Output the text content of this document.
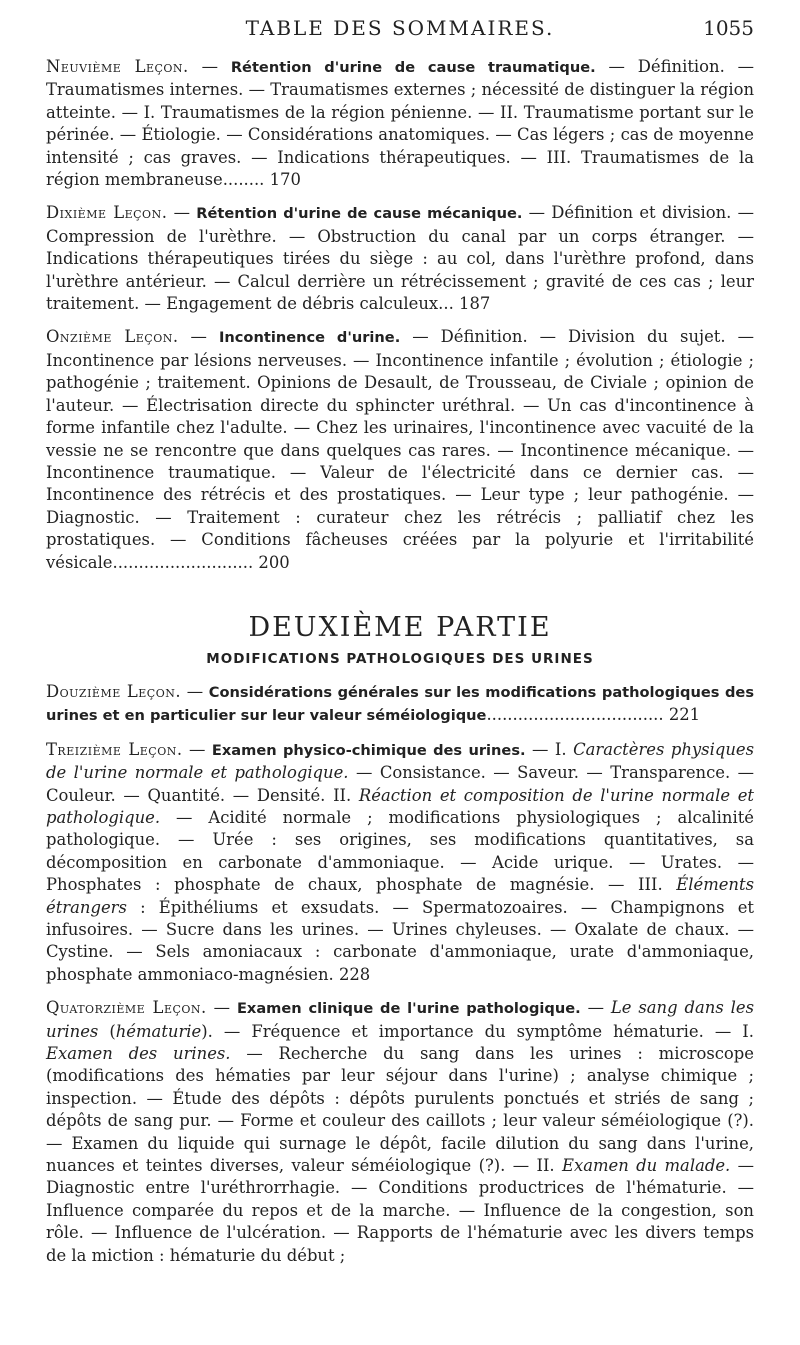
TABLE DES SOMMAIRES.	1055

Neuvième Leçon. — Rétention d'urine de cause traumatique. — Définition. — Traumatismes internes. — Traumatismes externes ; nécessité de distinguer la région atteinte. — I. Traumatismes de la région pénienne. — II. Traumatisme portant sur le périnée. — Étiologie. — Considérations anatomiques. — Cas légers ; cas de moyenne intensité ; cas graves. — Indications thérapeutiques. — III. Traumatismes de la région membraneuse........ 170

Dixième Leçon. — Rétention d'urine de cause mécanique. — Définition et division. — Compression de l'urèthre. — Obstruction du canal par un corps étranger. — Indications thérapeutiques tirées du siège : au col, dans l'urèthre profond, dans l'urèthre antérieur. — Calcul derrière un rétrécissement ; gravité de ces cas ; leur traitement. — Engagement de débris calculeux... 187

Onzième Leçon. — Incontinence d'urine. — Définition. — Division du sujet. — Incontinence par lésions nerveuses. — Incontinence infantile ; évolution ; étiologie ; pathogénie ; traitement. Opinions de Desault, de Trousseau, de Civiale ; opinion de l'auteur. — Électrisation directe du sphincter uréthral. — Un cas d'incontinence à forme infantile chez l'adulte. — Chez les urinaires, l'incontinence avec vacuité de la vessie ne se rencontre que dans quelques cas rares. — Incontinence mécanique. — Incontinence traumatique. — Valeur de l'électricité dans ce dernier cas. — Incontinence des rétrécis et des prostatiques. — Leur type ; leur pathogénie. — Diagnostic. — Traitement : curateur chez les rétrécis ; palliatif chez les prostatiques. — Conditions fâcheuses créées par la polyurie et l'irritabilité vésicale........................... 200

DEUXIÈME PARTIE
MODIFICATIONS PATHOLOGIQUES DES URINES

Douzième Leçon. — Considérations générales sur les modifications pathologiques des urines et en particulier sur leur valeur séméiologique.................................. 221

Treizième Leçon. — Examen physico-chimique des urines. — I. Caractères physiques de l'urine normale et pathologique. — Consistance. — Saveur. — Transparence. — Couleur. — Quantité. — Densité. II. Réaction et composition de l'urine normale et pathologique. — Acidité normale ; modifications physiologiques ; alcalinité pathologique. — Urée : ses origines, ses modifications quantitatives, sa décomposition en carbonate d'ammoniaque. — Acide urique. — Urates. — Phosphates : phosphate de chaux, phosphate de magnésie. — III. Éléments étrangers : Épithéliums et exsudats. — Spermatozoaires. — Champignons et infusoires. — Sucre dans les urines. — Urines chyleuses. — Oxalate de chaux. — Cystine. — Sels amoniacaux : carbonate d'ammoniaque, urate d'ammoniaque, phosphate ammoniaco-magnésien. 228

Quatorzième Leçon. — Examen clinique de l'urine pathologique. — Le sang dans les urines (hématurie). — Fréquence et importance du symptôme hématurie. — I. Examen des urines. — Recherche du sang dans les urines : microscope (modifications des hématies par leur séjour dans l'urine) ; analyse chimique ; inspection. — Étude des dépôts : dépôts purulents ponctués et striés de sang ; dépôts de sang pur. — Forme et couleur des caillots ; leur valeur séméiologique (?). — Examen du liquide qui surnage le dépôt, facile dilution du sang dans l'urine, nuances et teintes diverses, valeur séméiologique (?). — II. Examen du malade. — Diagnostic entre l'uréthrorrhagie. — Conditions productrices de l'hématurie. — Influence comparée du repos et de la marche. — Influence de la congestion, son rôle. — Influence de l'ulcération. — Rapports de l'hématurie avec les divers temps de la miction : hématurie du début ;
